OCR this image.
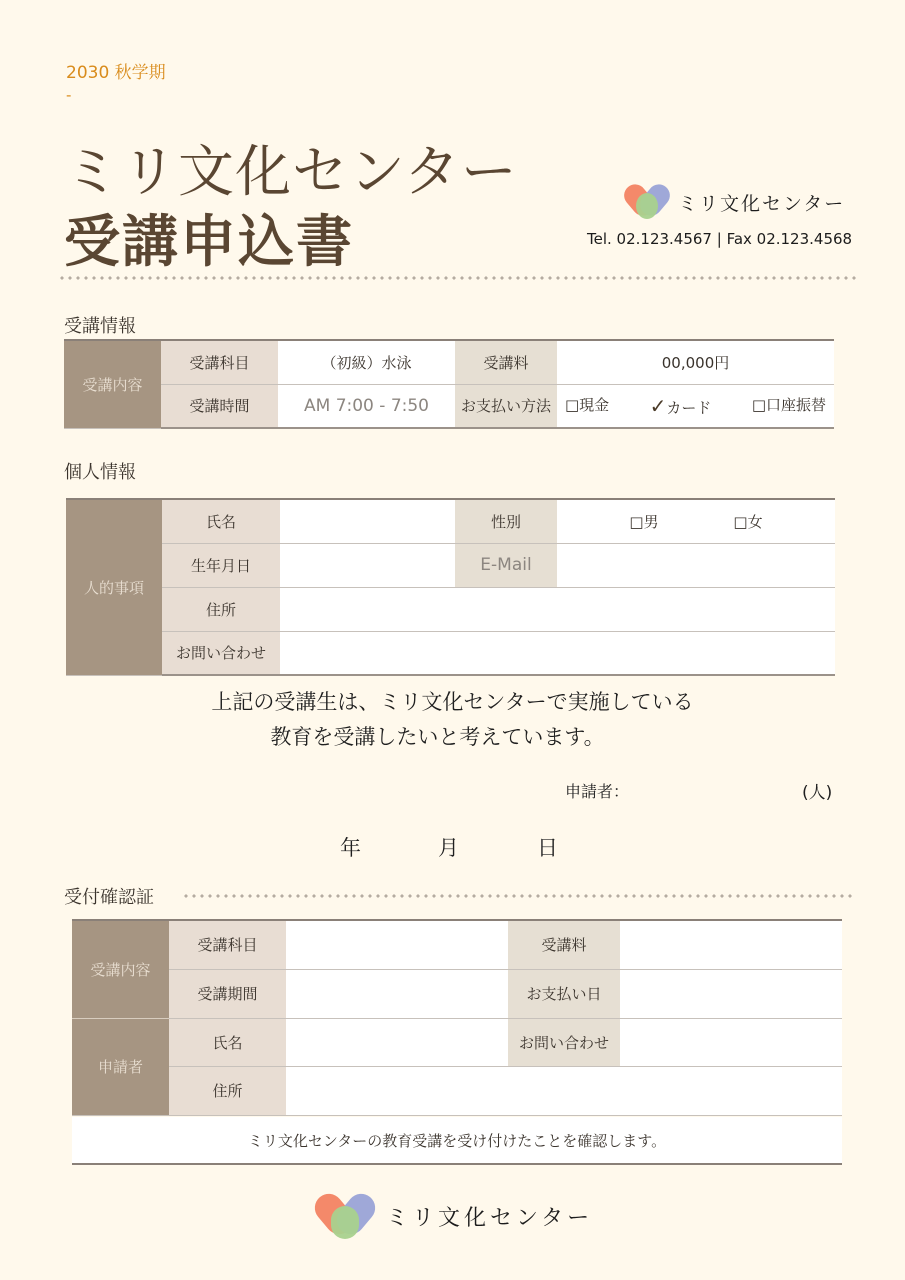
2030 秋学期
-
ミリ文化センター
受講申込書
ミリ文化センター
Tel. 02.123.4567 | Fax 02.123.4568
受講情報
受講内容	受講科目	（初級）水泳	受講料	00,000円
	受講時間	AM 7:00 - 7:50	お支払い方法	□現金 ✓カード □口座振替
個人情報
人的事項	氏名		性別	□男 □女
	生年月日		E-Mail	
	住所			
	お問い合わせ			
上記の受講生は、ミリ文化センターで実施している
教育を受講したいと考えています。
申請者：	(人)
年	月	日
受付確認証
受講内容	受講科目		受講料	
	受講期間		お支払い日	
申請者	氏名		お問い合わせ	
	住所			
ミリ文化センターの教育受講を受け付けたことを確認します。
ミリ文化センター
